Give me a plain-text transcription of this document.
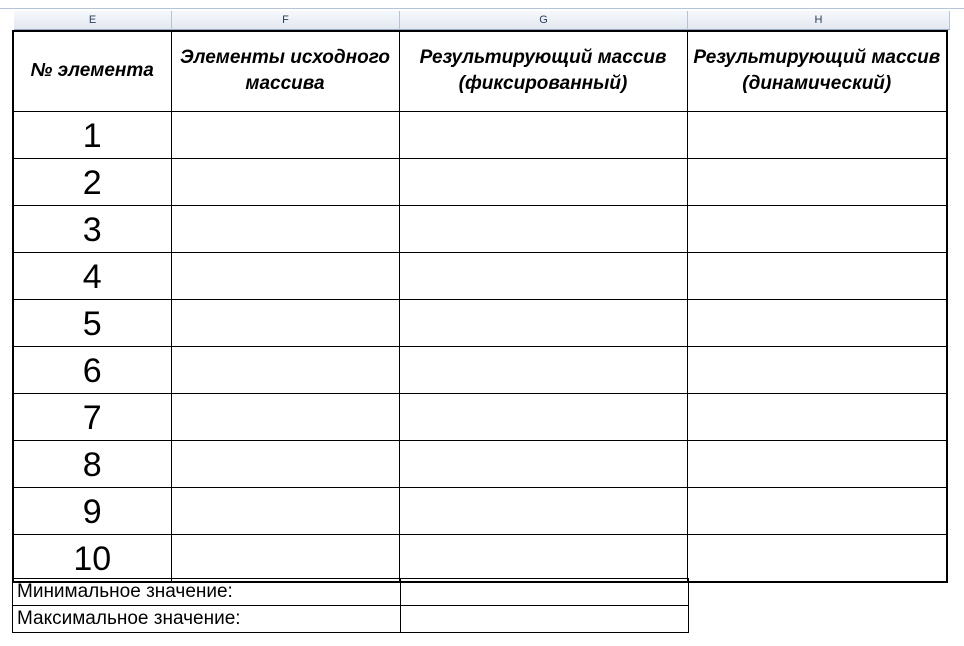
E	F	G	H
№ элемента	Элементы исходного массива	Результирующий массив (фиксированный)	Результирующий массив (динамический)
1			
2			
3			
4			
5			
6			
7			
8			
9			
10			
Минимальное значение:	
Максимальное значение:	
